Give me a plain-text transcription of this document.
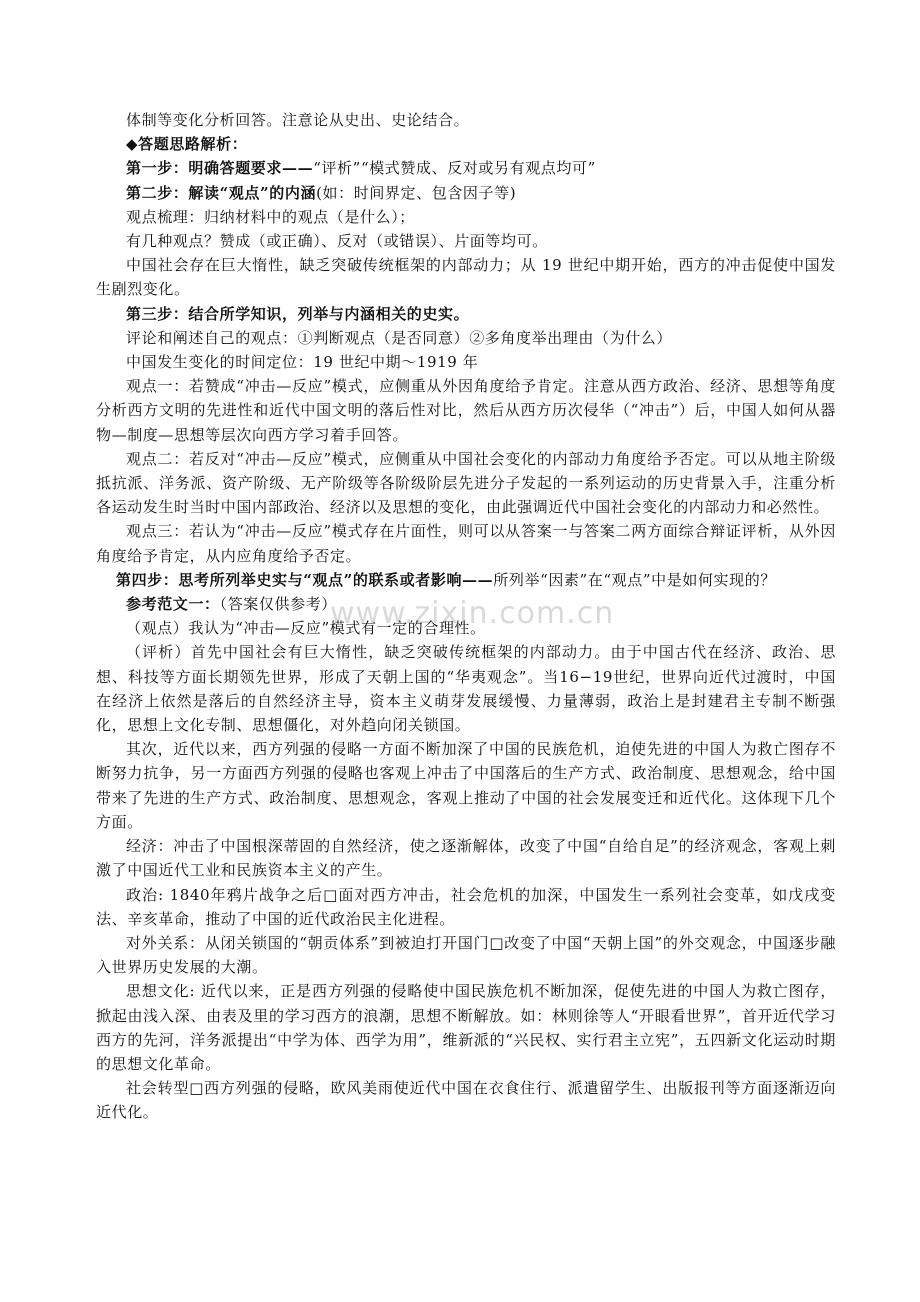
www.zixin.com.cn

体制等变化分析回答。注意论从史出、史论结合。

◆答题思路解析：

第一步：明确答题要求——“评析”“模式赞成、反对或另有观点均可”

第二步：解读“观点”的内涵(如：时间界定、包含因子等)

观点梳理：归纳材料中的观点（是什么）；

有几种观点？赞成（或正确）、反对（或错误）、片面等均可。

中国社会存在巨大惰性，缺乏突破传统框架的内部动力；从 19 世纪中期开始，西方的冲击促使中国发生剧烈变化。

第三步：结合所学知识，列举与内涵相关的史实。

评论和阐述自己的观点：①判断观点（是否同意）②多角度举出理由（为什么）

中国发生变化的时间定位：19 世纪中期～1919 年

观点一：若赞成“冲击—反应”模式，应侧重从外因角度给予肯定。注意从西方政治、经济、思想等角度分析西方文明的先进性和近代中国文明的落后性对比，然后从西方历次侵华（“冲击”）后，中国人如何从器物—制度—思想等层次向西方学习着手回答。

观点二：若反对“冲击—反应”模式，应侧重从中国社会变化的内部动力角度给予否定。可以从地主阶级抵抗派、洋务派、资产阶级、无产阶级等各阶级阶层先进分子发起的一系列运动的历史背景入手，注重分析各运动发生时当时中国内部政治、经济以及思想的变化，由此强调近代中国社会变化的内部动力和必然性。

观点三：若认为“冲击—反应”模式存在片面性，则可以从答案一与答案二两方面综合辩证评析，从外因角度给予肯定，从内应角度给予否定。

第四步：思考所列举史实与“观点”的联系或者影响——所列举“因素”在“观点”中是如何实现的？

参考范文一：（答案仅供参考）

（观点）我认为“冲击—反应”模式有一定的合理性。

（评析）首先中国社会有巨大惰性，缺乏突破传统框架的内部动力。由于中国古代在经济、政治、思想、科技等方面长期领先世界，形成了天朝上国的“华夷观念”。当16−19世纪，世界向近代过渡时，中国在经济上依然是落后的自然经济主导，资本主义萌芽发展缓慢、力量薄弱，政治上是封建君主专制不断强化，思想上文化专制、思想僵化，对外趋向闭关锁国。

其次，近代以来，西方列强的侵略一方面不断加深了中国的民族危机，迫使先进的中国人为救亡图存不断努力抗争，另一方面西方列强的侵略也客观上冲击了中国落后的生产方式、政治制度、思想观念，给中国带来了先进的生产方式、政治制度、思想观念，客观上推动了中国的社会发展变迁和近代化。这体现下几个方面。

经济：冲击了中国根深蒂固的自然经济，使之逐渐解体，改变了中国“自给自足”的经济观念，客观上刺激了中国近代工业和民族资本主义的产生。

政治: 1840年鸦片战争之后□面对西方冲击，社会危机的加深，中国发生一系列社会变革，如戊戌变法、辛亥革命，推动了中国的近代政治民主化进程。

对外关系：从闭关锁国的“朝贡体系”到被迫打开国门□改变了中国“天朝上国”的外交观念，中国逐步融入世界历史发展的大潮。

思想文化: 近代以来，正是西方列强的侵略使中国民族危机不断加深，促使先进的中国人为救亡图存，掀起由浅入深、由表及里的学习西方的浪潮，思想不断解放。如：林则徐等人“开眼看世界”，首开近代学习西方的先河，洋务派提出“中学为体、西学为用”，维新派的“兴民权、实行君主立宪”，五四新文化运动时期的思想文化革命。

社会转型□西方列强的侵略，欧风美雨使近代中国在衣食住行、派遣留学生、出版报刊等方面逐渐迈向近代化。
